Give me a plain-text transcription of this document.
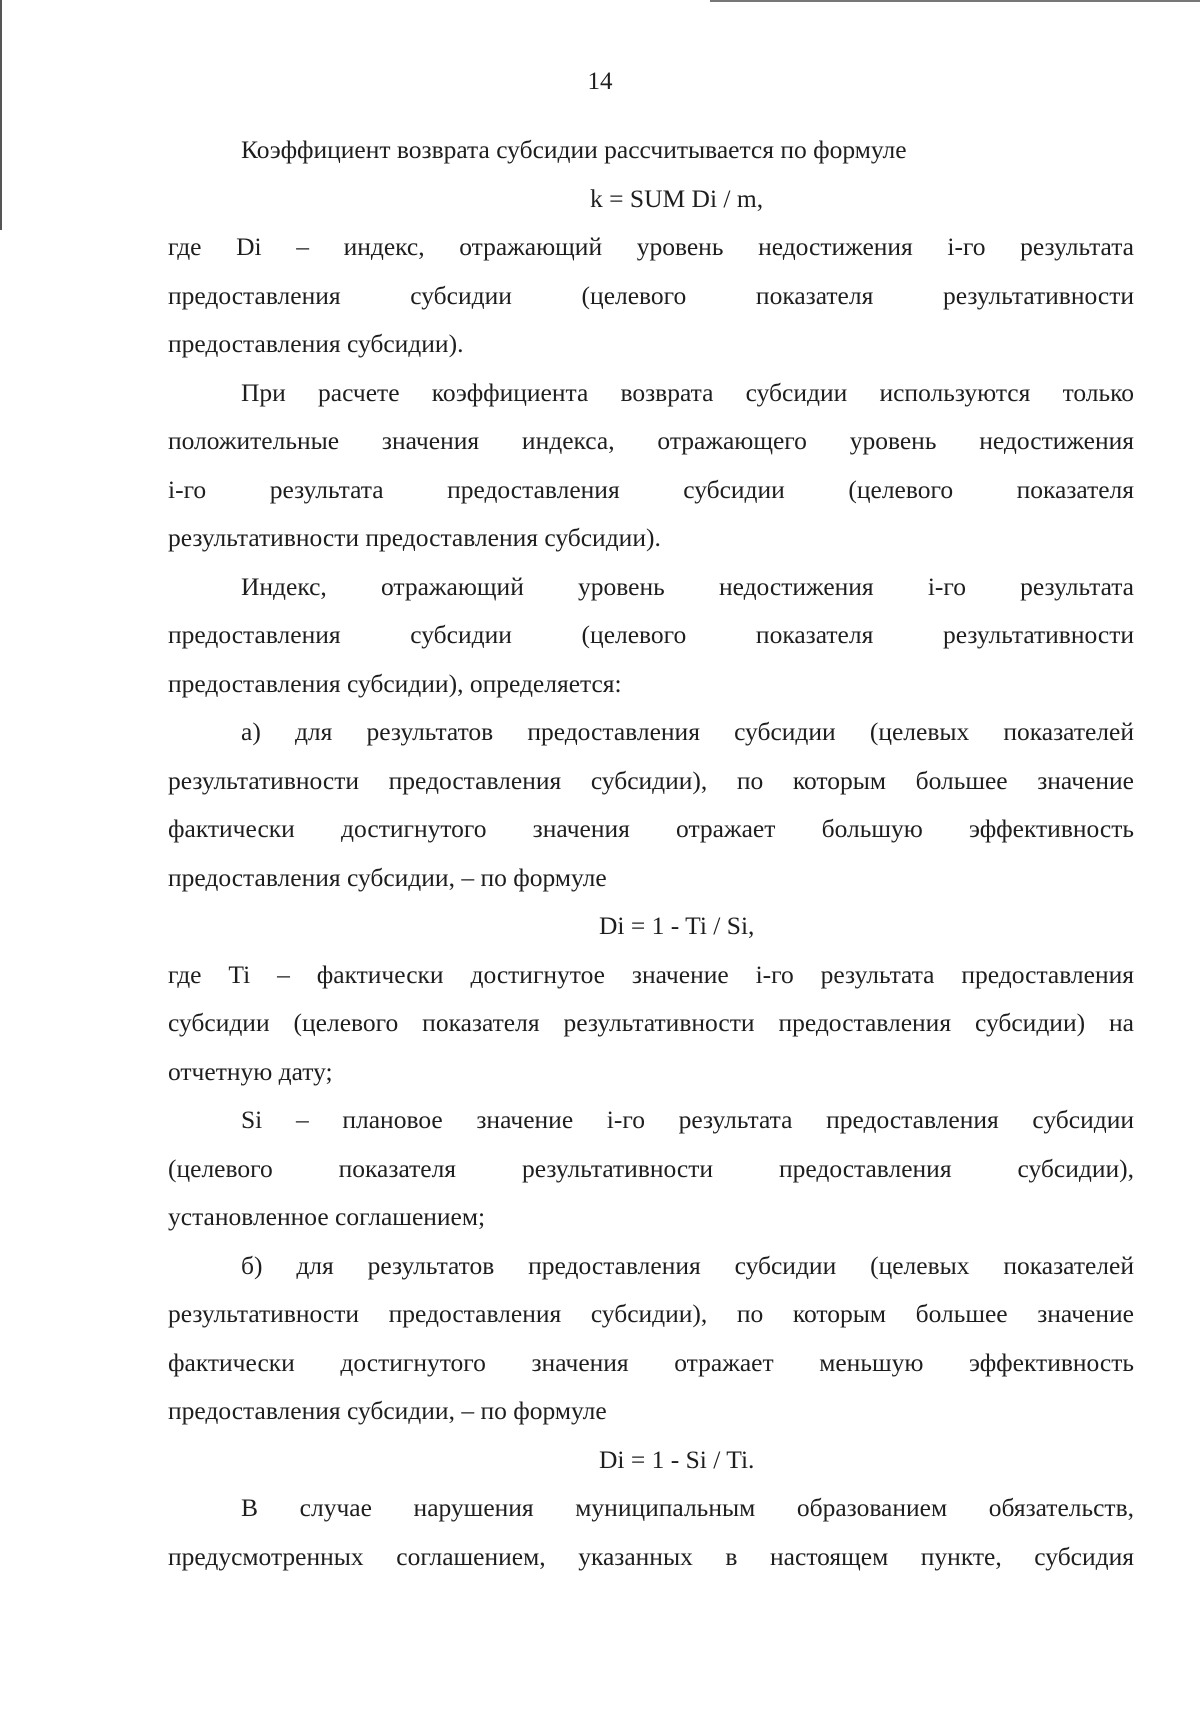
14

Коэффициент возврата субсидии рассчитывается по формуле

k = SUM Di / m,

где Di – индекс, отражающий уровень недостижения i-го результата

предоставления субсидии (целевого показателя результативности

предоставления субсидии).

При расчете коэффициента возврата субсидии используются только

положительные значения индекса, отражающего уровень недостижения

i-го результата предоставления субсидии (целевого показателя

результативности предоставления субсидии).

Индекс, отражающий уровень недостижения i-го результата

предоставления субсидии (целевого показателя результативности

предоставления субсидии), определяется:

а) для результатов предоставления субсидии (целевых показателей

результативности предоставления субсидии), по которым большее значение

фактически достигнутого значения отражает большую эффективность

предоставления субсидии, – по формуле

Di = 1 - Ti / Si,

где Ti – фактически достигнутое значение i-го результата предоставления

субсидии (целевого показателя результативности предоставления субсидии) на

отчетную дату;

Si – плановое значение i-го результата предоставления субсидии

(целевого показателя результативности предоставления субсидии),

установленное соглашением;

б) для результатов предоставления субсидии (целевых показателей

результативности предоставления субсидии), по которым большее значение

фактически достигнутого значения отражает меньшую эффективность

предоставления субсидии, – по формуле

Di = 1 - Si / Ti.

В случае нарушения муниципальным образованием обязательств,

предусмотренных соглашением, указанных в настоящем пункте, субсидия
